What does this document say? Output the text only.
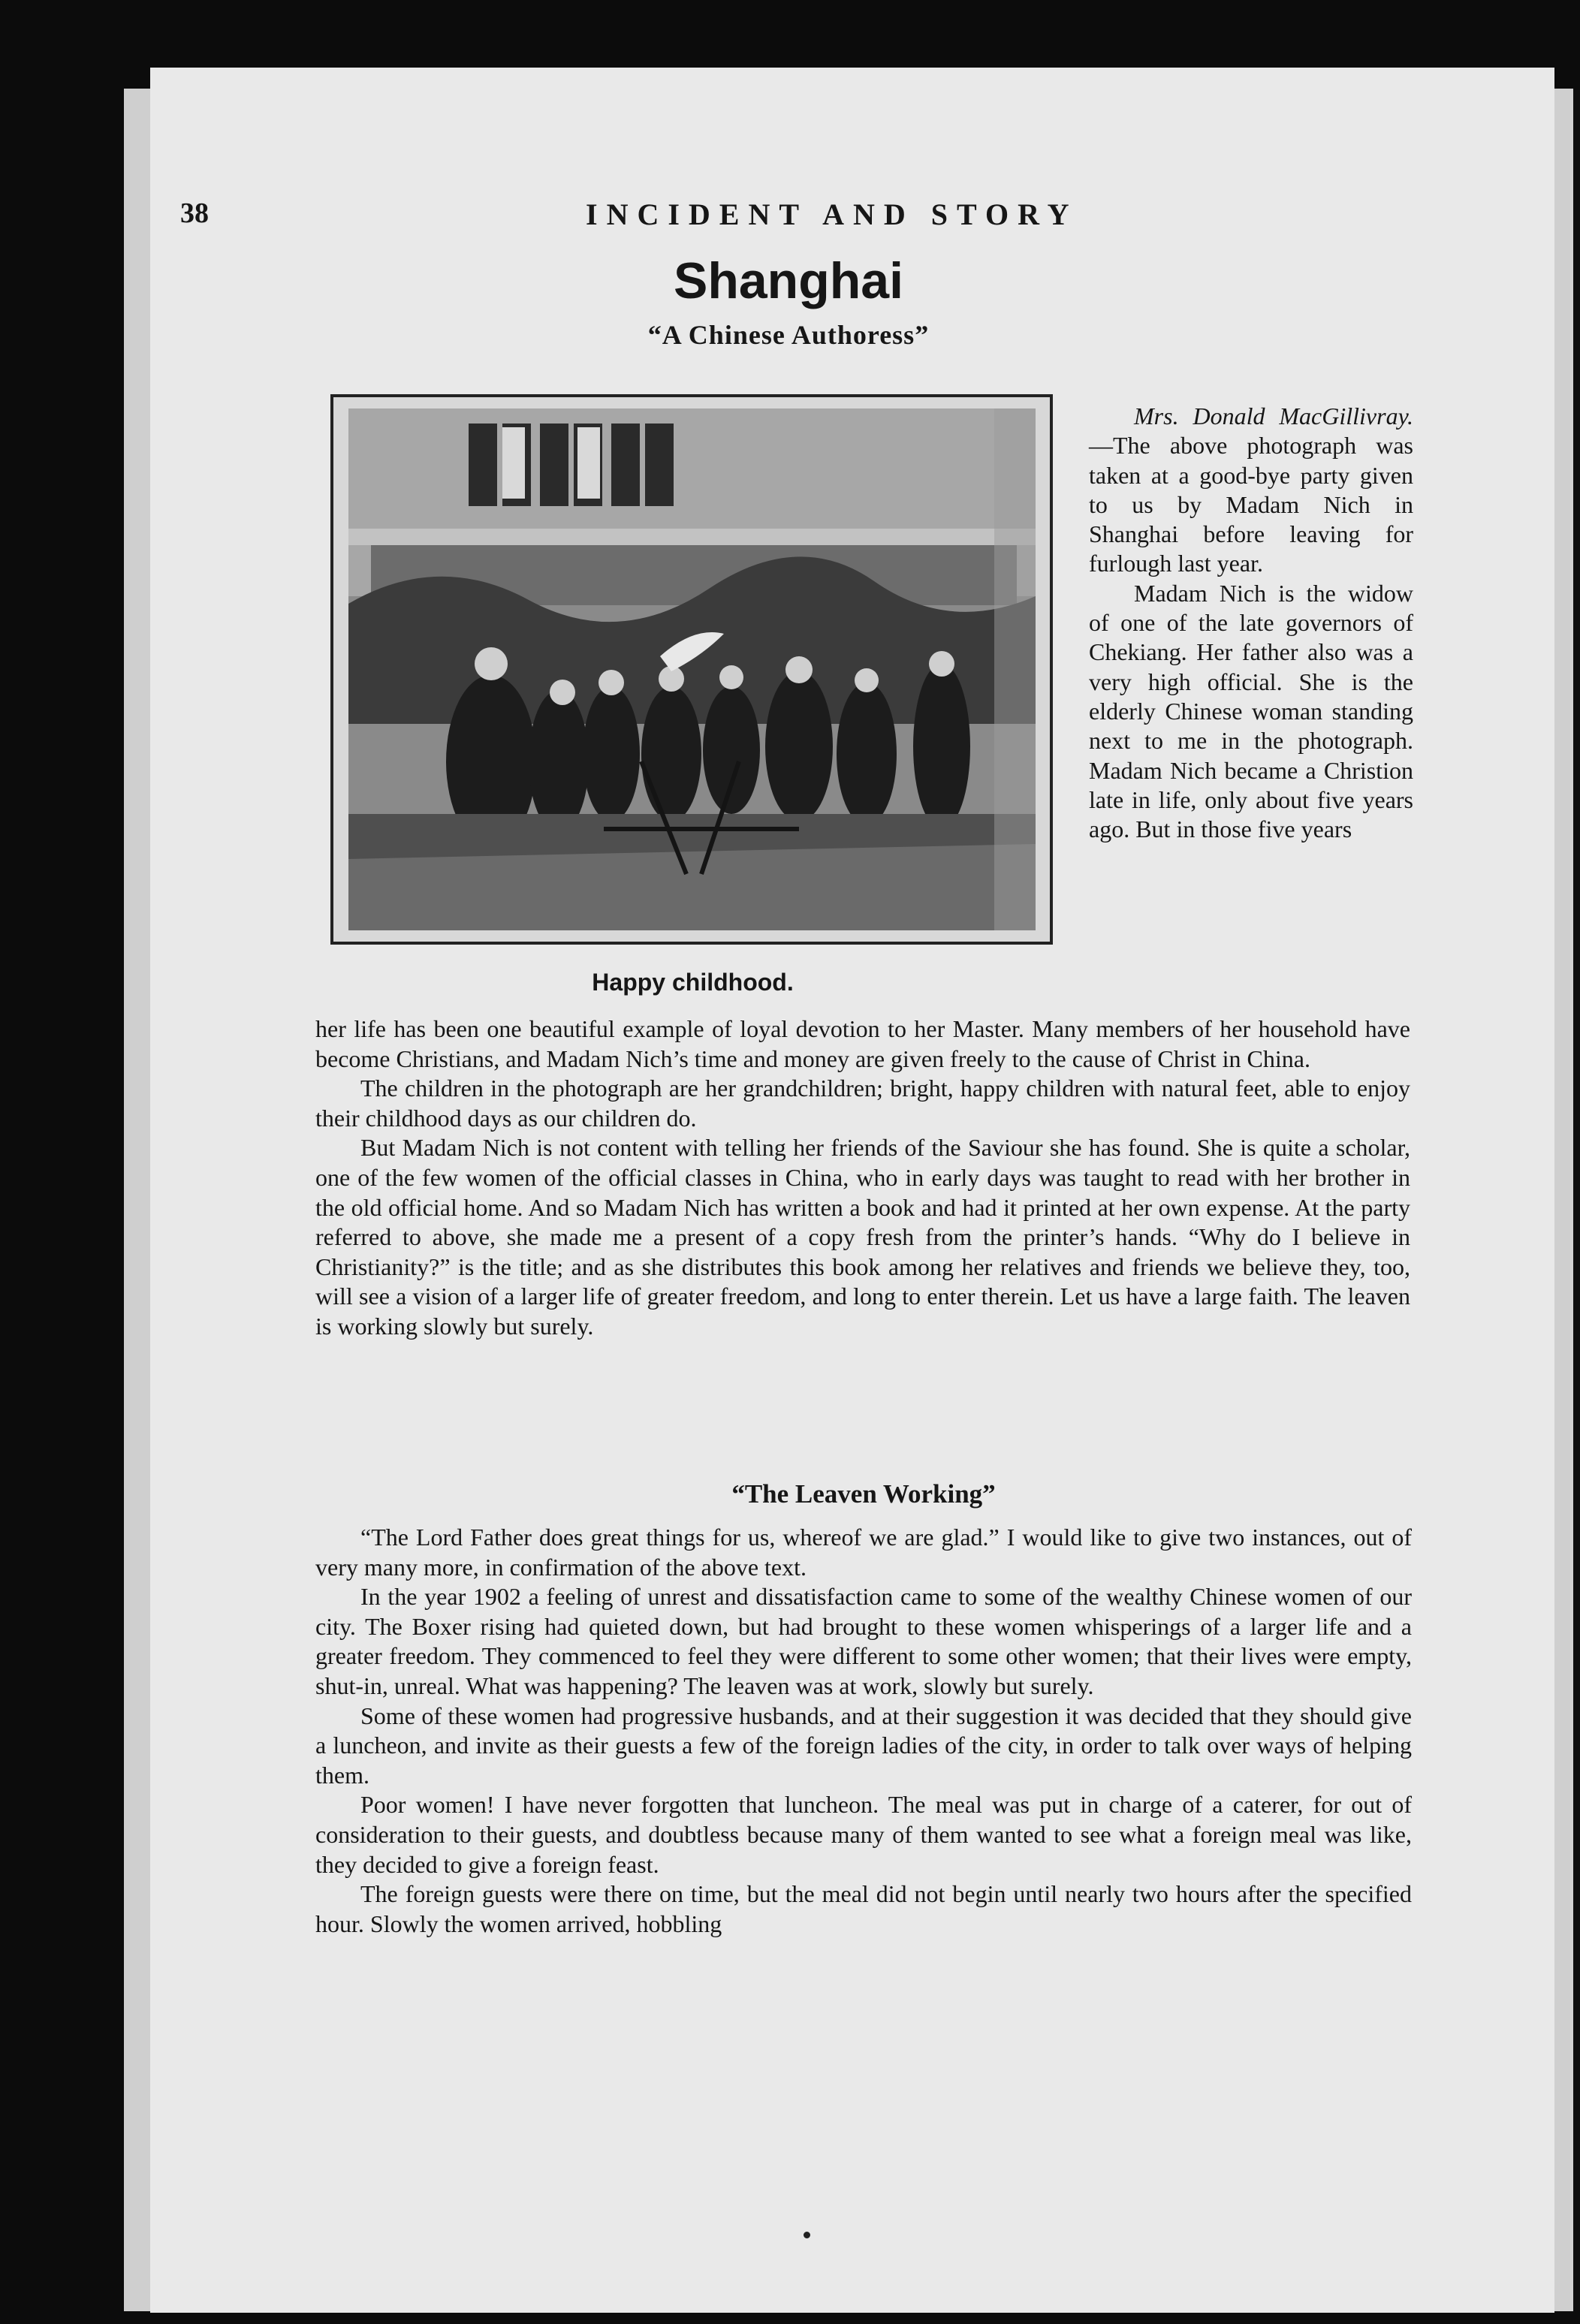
38	INCIDENT AND STORY
Shanghai
“A Chinese Authoress”
Happy childhood.

Mrs. Donald MacGillivray.—The above photograph was taken at a good-bye party given to us by Madam Nich in Shanghai before leaving for furlough last year.

Madam Nich is the widow of one of the late governors of Chekiang. Her father also was a very high official. She is the elderly Chinese woman standing next to me in the photograph. Madam Nich became a Christion late in life, only about five years ago. But in those five years

her life has been one beautiful example of loyal devotion to her Master. Many members of her household have become Christians, and Madam Nich’s time and money are given freely to the cause of Christ in China.

The children in the photograph are her grandchildren; bright, happy children with natural feet, able to enjoy their childhood days as our children do.

But Madam Nich is not content with telling her friends of the Saviour she has found. She is quite a scholar, one of the few women of the official classes in China, who in early days was taught to read with her brother in the old official home. And so Madam Nich has written a book and had it printed at her own expense. At the party referred to above, she made me a present of a copy fresh from the printer’s hands. “Why do I believe in Christianity?” is the title; and as she distributes this book among her relatives and friends we believe they, too, will see a vision of a larger life of greater freedom, and long to enter therein. Let us have a large faith. The leaven is working slowly but surely.

“The Leaven Working”

“The Lord Father does great things for us, whereof we are glad.” I would like to give two instances, out of very many more, in confirmation of the above text.

In the year 1902 a feeling of unrest and dissatisfaction came to some of the wealthy Chinese women of our city. The Boxer rising had quieted down, but had brought to these women whisperings of a larger life and a greater freedom. They commenced to feel they were different to some other women; that their lives were empty, shut-in, unreal. What was happening? The leaven was at work, slowly but surely.

Some of these women had progressive husbands, and at their suggestion it was decided that they should give a luncheon, and invite as their guests a few of the foreign ladies of the city, in order to talk over ways of helping them.

Poor women! I have never forgotten that luncheon. The meal was put in charge of a caterer, for out of consideration to their guests, and doubtless because many of them wanted to see what a foreign meal was like, they decided to give a foreign feast.

The foreign guests were there on time, but the meal did not begin until nearly two hours after the specified hour. Slowly the women arrived, hobbling
